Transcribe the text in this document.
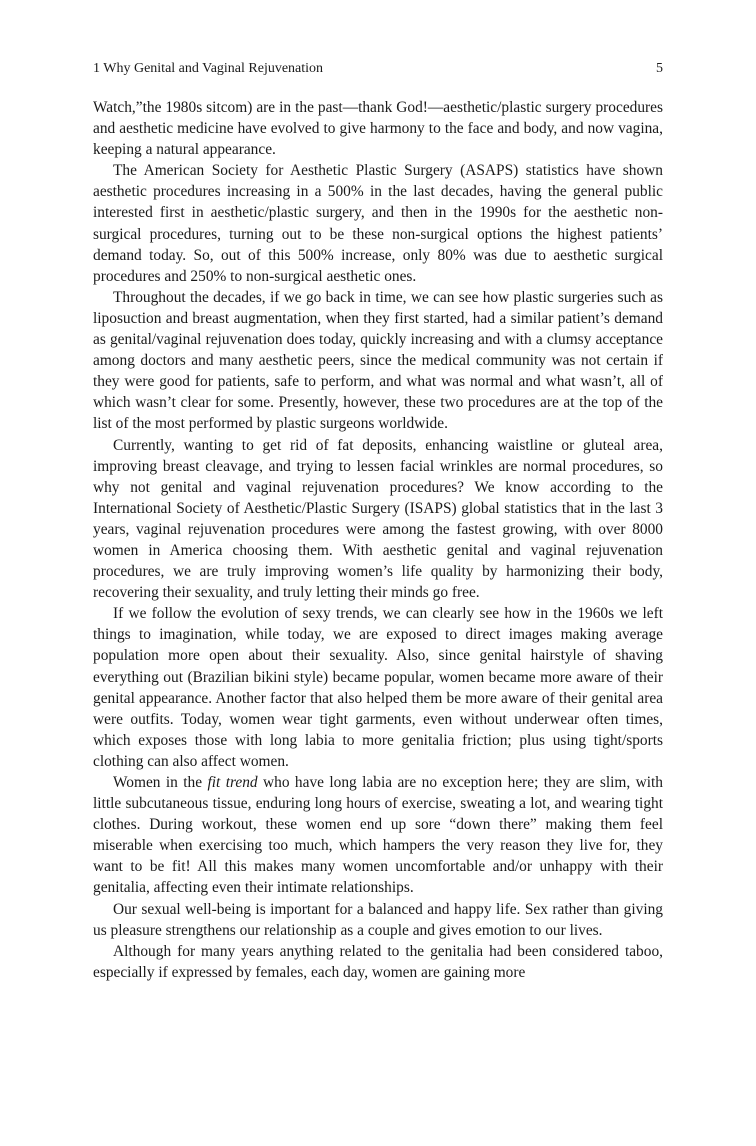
1 Why Genital and Vaginal Rejuvenation	5

Watch,”the 1980s sitcom) are in the past—thank God!—aesthetic/plastic surgery procedures and aesthetic medicine have evolved to give harmony to the face and body, and now vagina, keeping a natural appearance.

The American Society for Aesthetic Plastic Surgery (ASAPS) statistics have shown aesthetic procedures increasing in a 500% in the last decades, having the general public interested first in aesthetic/plastic surgery, and then in the 1990s for the aesthetic non-surgical procedures, turning out to be these non-surgical options the highest patients’ demand today. So, out of this 500% increase, only 80% was due to aesthetic surgical procedures and 250% to non-surgical aesthetic ones.

Throughout the decades, if we go back in time, we can see how plastic surgeries such as liposuction and breast augmentation, when they first started, had a similar patient’s demand as genital/vaginal rejuvenation does today, quickly increasing and with a clumsy acceptance among doctors and many aesthetic peers, since the medical community was not certain if they were good for patients, safe to perform, and what was normal and what wasn’t, all of which wasn’t clear for some. Presently, however, these two procedures are at the top of the list of the most performed by plastic surgeons worldwide.

Currently, wanting to get rid of fat deposits, enhancing waistline or gluteal area, improving breast cleavage, and trying to lessen facial wrinkles are normal procedures, so why not genital and vaginal rejuvenation procedures? We know according to the International Society of Aesthetic/Plastic Surgery (ISAPS) global statistics that in the last 3 years, vaginal rejuvenation procedures were among the fastest growing, with over 8000 women in America choosing them. With aesthetic genital and vaginal rejuvenation procedures, we are truly improving women’s life quality by harmonizing their body, recovering their sexuality, and truly letting their minds go free.

If we follow the evolution of sexy trends, we can clearly see how in the 1960s we left things to imagination, while today, we are exposed to direct images making average population more open about their sexuality. Also, since genital hairstyle of shaving everything out (Brazilian bikini style) became popular, women became more aware of their genital appearance. Another factor that also helped them be more aware of their genital area were outfits. Today, women wear tight garments, even without underwear often times, which exposes those with long labia to more genitalia friction; plus using tight/sports clothing can also affect women.

Women in the fit trend who have long labia are no exception here; they are slim, with little subcutaneous tissue, enduring long hours of exercise, sweating a lot, and wearing tight clothes. During workout, these women end up sore “down there” making them feel miserable when exercising too much, which hampers the very reason they live for, they want to be fit! All this makes many women uncomfortable and/or unhappy with their genitalia, affecting even their intimate relationships.

Our sexual well-being is important for a balanced and happy life. Sex rather than giving us pleasure strengthens our relationship as a couple and gives emotion to our lives.

Although for many years anything related to the genitalia had been considered taboo, especially if expressed by females, each day, women are gaining more
